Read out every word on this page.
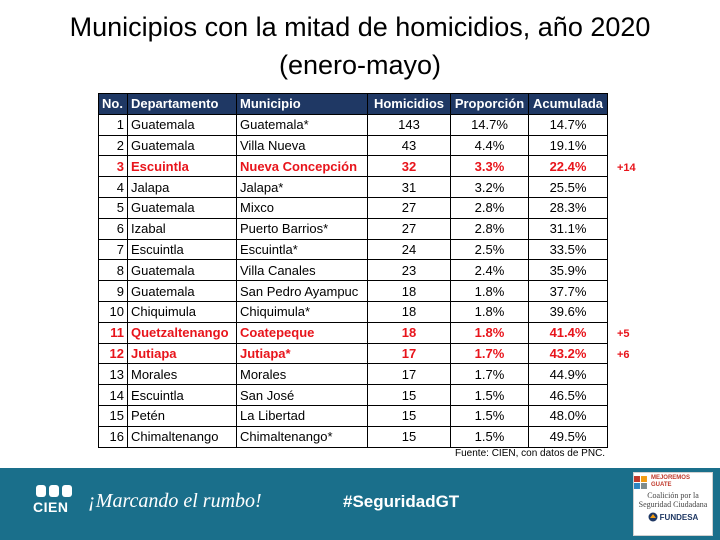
Municipios con la mitad de homicidios, año 2020
(enero-mayo)
No.	Departamento	Municipio	Homicidios	Proporción	Acumulada
1	Guatemala	Guatemala*	143	14.7%	14.7%
2	Guatemala	Villa Nueva	43	4.4%	19.1%
3	Escuintla	Nueva Concepción	32	3.3%	22.4%
4	Jalapa	Jalapa*	31	3.2%	25.5%
5	Guatemala	Mixco	27	2.8%	28.3%
6	Izabal	Puerto Barrios*	27	2.8%	31.1%
7	Escuintla	Escuintla*	24	2.5%	33.5%
8	Guatemala	Villa Canales	23	2.4%	35.9%
9	Guatemala	San Pedro Ayampuc	18	1.8%	37.7%
10	Chiquimula	Chiquimula*	18	1.8%	39.6%
11	Quetzaltenango	Coatepeque	18	1.8%	41.4%
12	Jutiapa	Jutiapa*	17	1.7%	43.2%
13	Morales	Morales	17	1.7%	44.9%
14	Escuintla	San José	15	1.5%	46.5%
15	Petén	La Libertad	15	1.5%	48.0%
16	Chimaltenango	Chimaltenango*	15	1.5%	49.5%
+14
+5
+6
Fuente: CIEN, con datos de PNC.
CIEN ¡Marcando el rumbo!	#SeguridadGT
MEJOREMOS GUATE
Coalición por la Seguridad Ciudadana
FUNDESA
